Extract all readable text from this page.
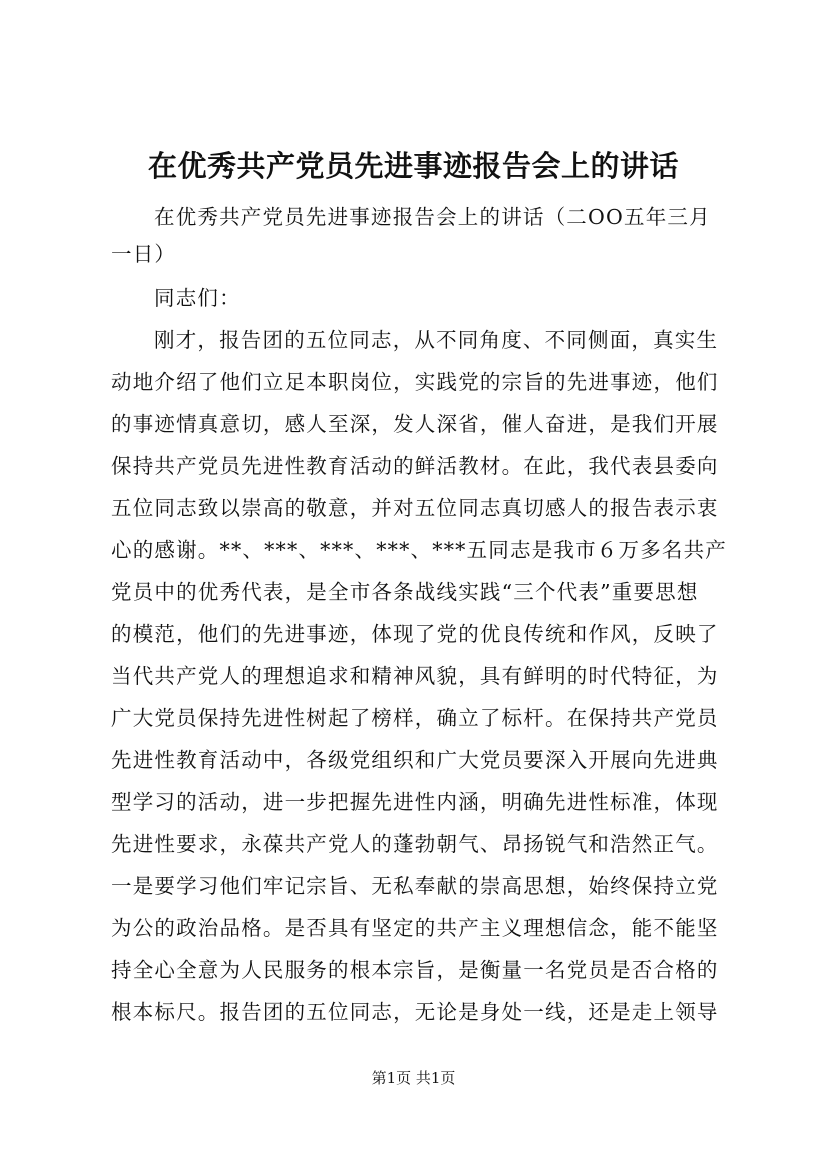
在优秀共产党员先进事迹报告会上的讲话
在优秀共产党员先进事迹报告会上的讲话（二OO五年三月
一日）
同志们：
刚才，报告团的五位同志，从不同角度、不同侧面，真实生
动地介绍了他们立足本职岗位，实践党的宗旨的先进事迹，他们
的事迹情真意切，感人至深，发人深省，催人奋进，是我们开展
保持共产党员先进性教育活动的鲜活教材。在此，我代表县委向
五位同志致以崇高的敬意，并对五位同志真切感人的报告表示衷
心的感谢。**、***、***、***、***五同志是我市６万多名共产
党员中的优秀代表，是全市各条战线实践“三个代表”重要思想
的模范，他们的先进事迹，体现了党的优良传统和作风，反映了
当代共产党人的理想追求和精神风貌，具有鲜明的时代特征，为
广大党员保持先进性树起了榜样，确立了标杆。在保持共产党员
先进性教育活动中，各级党组织和广大党员要深入开展向先进典
型学习的活动，进一步把握先进性内涵，明确先进性标准，体现
先进性要求，永葆共产党人的蓬勃朝气、昂扬锐气和浩然正气。
一是要学习他们牢记宗旨、无私奉献的崇高思想，始终保持立党
为公的政治品格。是否具有坚定的共产主义理想信念，能不能坚
持全心全意为人民服务的根本宗旨，是衡量一名党员是否合格的
根本标尺。报告团的五位同志，无论是身处一线，还是走上领导
第1页 共1页
